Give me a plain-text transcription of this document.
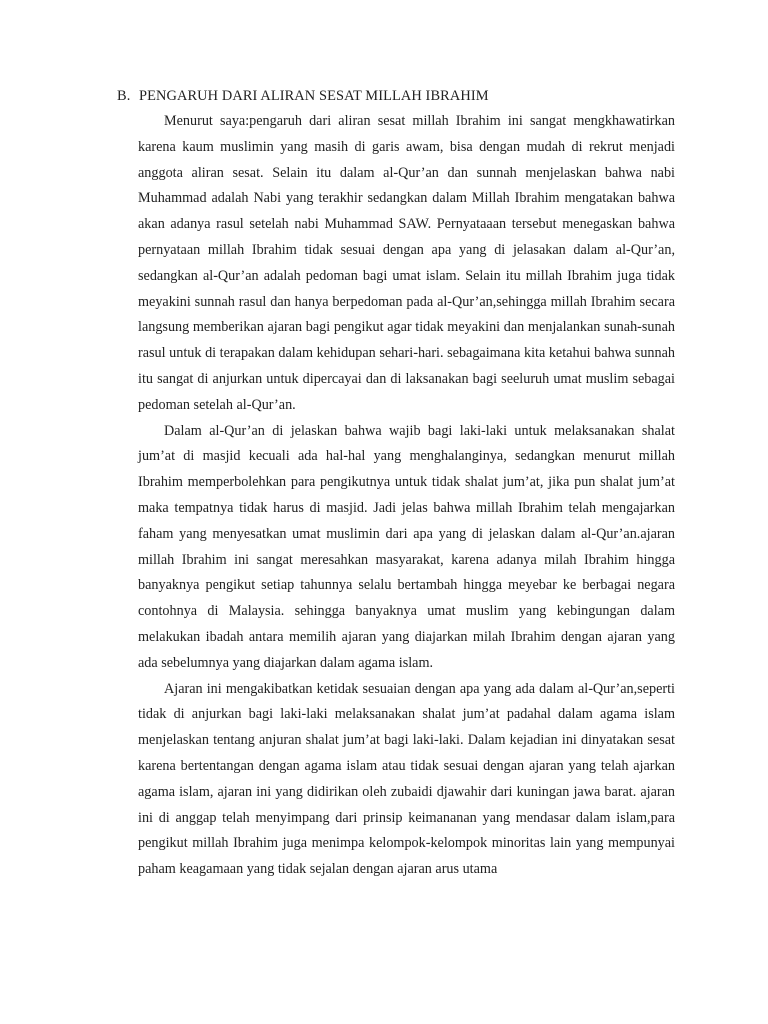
B. PENGARUH DARI ALIRAN SESAT MILLAH IBRAHIM

Menurut saya:pengaruh dari aliran sesat millah Ibrahim ini sangat mengkhawatirkan karena kaum muslimin yang masih di garis awam, bisa dengan mudah di rekrut menjadi anggota aliran sesat. Selain itu dalam al-Qur’an dan sunnah menjelaskan bahwa nabi Muhammad adalah Nabi yang terakhir sedangkan dalam Millah Ibrahim mengatakan bahwa akan adanya rasul setelah nabi Muhammad SAW. Pernyataaan tersebut menegaskan bahwa pernyataan millah Ibrahim tidak sesuai dengan apa yang di jelasakan dalam al-Qur’an, sedangkan al-Qur’an adalah pedoman bagi umat islam. Selain itu millah Ibrahim juga tidak meyakini sunnah rasul dan hanya berpedoman pada al-Qur’an,sehingga millah Ibrahim secara langsung memberikan ajaran bagi pengikut agar tidak meyakini dan menjalankan sunah-sunah rasul untuk di terapakan dalam kehidupan sehari-hari. sebagaimana kita ketahui bahwa sunnah itu sangat di anjurkan untuk dipercayai dan di laksanakan bagi seeluruh umat muslim sebagai pedoman setelah al-Qur’an.

Dalam al-Qur’an di jelaskan bahwa wajib bagi laki-laki untuk melaksanakan shalat jum’at di masjid kecuali ada hal-hal yang menghalanginya, sedangkan menurut millah Ibrahim memperbolehkan para pengikutnya untuk tidak shalat jum’at, jika pun shalat jum’at maka tempatnya tidak harus di masjid. Jadi jelas bahwa millah Ibrahim telah mengajarkan faham yang menyesatkan umat muslimin dari apa yang di jelaskan dalam al-Qur’an.ajaran millah Ibrahim ini sangat meresahkan masyarakat, karena adanya milah Ibrahim hingga banyaknya pengikut setiap tahunnya selalu bertambah hingga meyebar ke berbagai negara contohnya di Malaysia. sehingga banyaknya umat muslim yang kebingungan dalam melakukan ibadah antara memilih ajaran yang diajarkan milah Ibrahim dengan ajaran yang ada sebelumnya yang diajarkan dalam agama islam.

Ajaran ini mengakibatkan ketidak sesuaian dengan apa yang ada dalam al-Qur’an,seperti tidak di anjurkan bagi laki-laki melaksanakan shalat jum’at padahal dalam agama islam menjelaskan tentang anjuran shalat jum’at bagi laki-laki. Dalam kejadian ini dinyatakan sesat karena bertentangan dengan agama islam atau tidak sesuai dengan ajaran yang telah ajarkan agama islam, ajaran ini yang didirikan oleh zubaidi djawahir dari kuningan jawa barat. ajaran ini di anggap telah menyimpang dari prinsip keimananan yang mendasar dalam islam,para pengikut millah Ibrahim juga menimpa kelompok-kelompok minoritas lain yang mempunyai paham keagamaan yang tidak sejalan dengan ajaran arus utama
